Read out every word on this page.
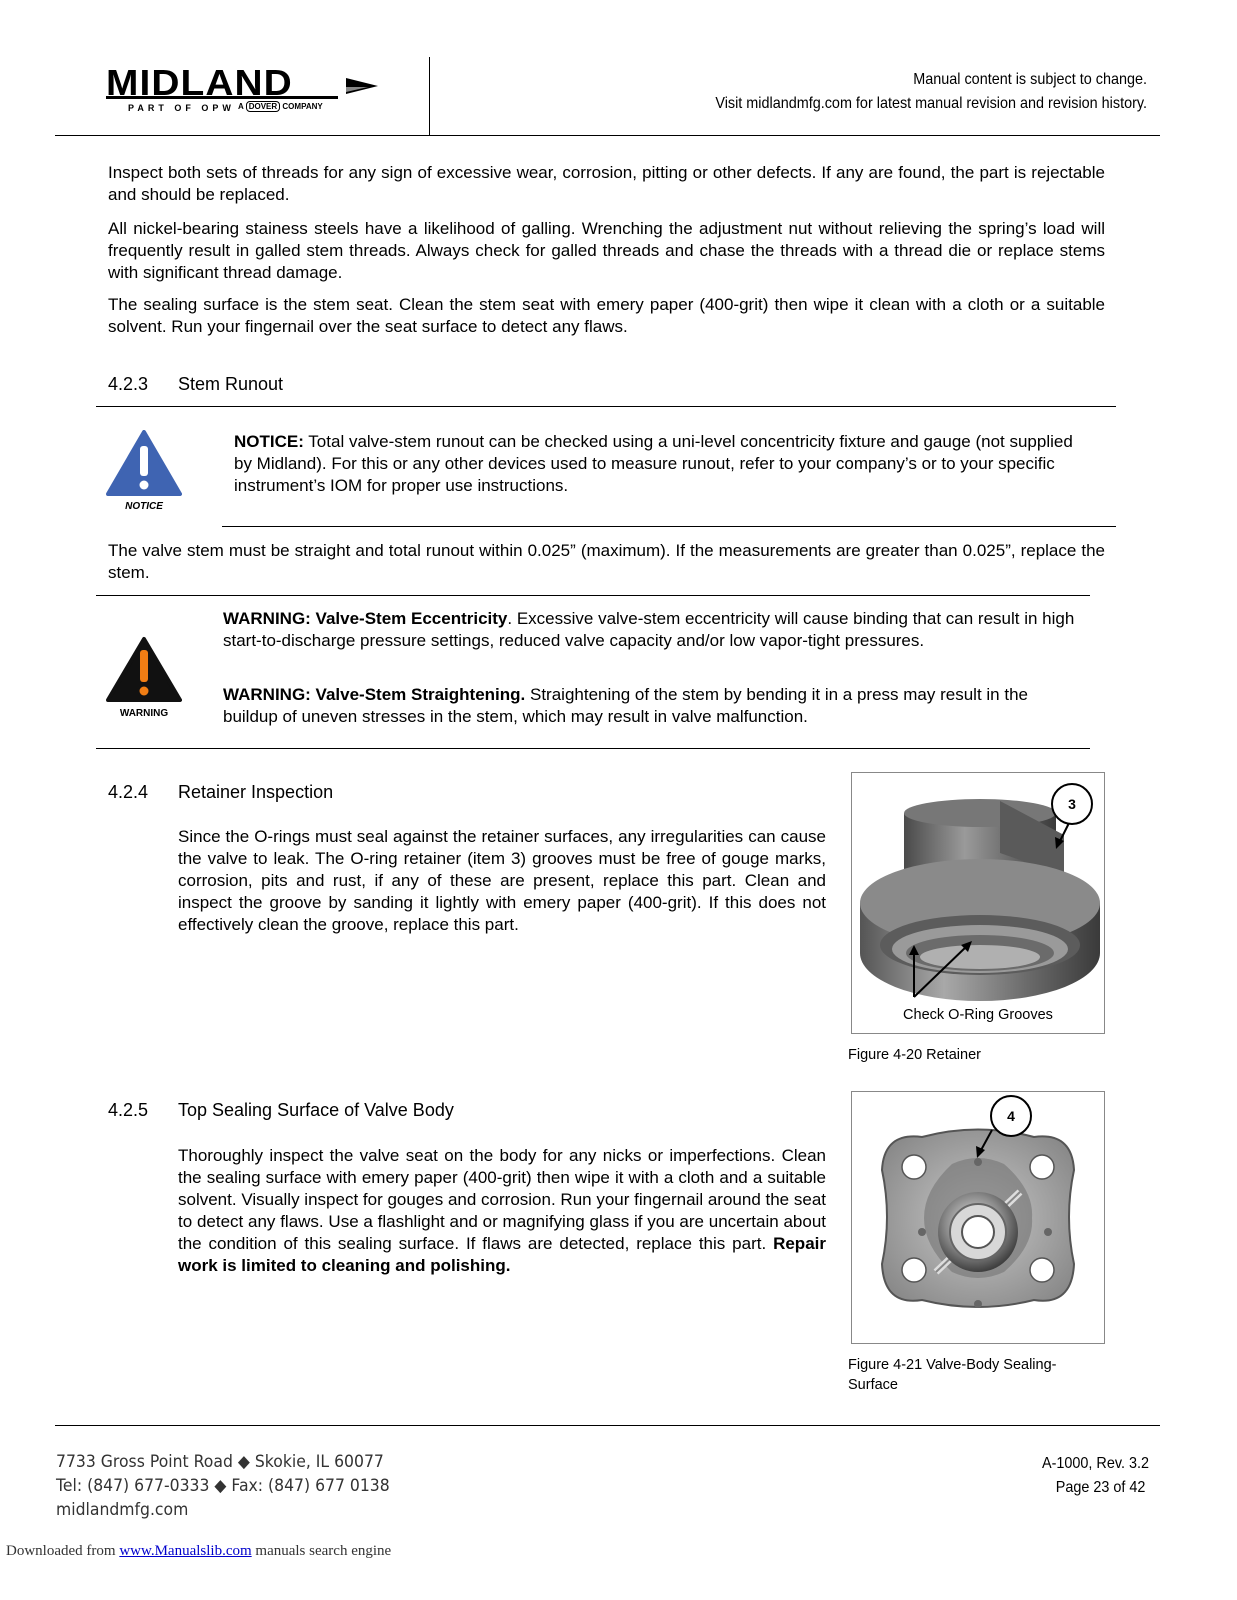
MIDLAND
PART OF OPW A DOVER COMPANY
Manual content is subject to change.
Visit midlandmfg.com for latest manual revision and revision history.
Inspect both sets of threads for any sign of excessive wear, corrosion, pitting or other defects. If any are found, the part is rejectable and should be replaced.
All nickel-bearing stainess steels have a likelihood of galling. Wrenching the adjustment nut without relieving the spring’s load will frequently result in galled stem threads. Always check for galled threads and chase the threads with a thread die or replace stems with significant thread damage.
The sealing surface is the stem seat. Clean the stem seat with emery paper (400-grit) then wipe it clean with a cloth or a suitable solvent. Run your fingernail over the seat surface to detect any flaws.
4.2.3 Stem Runout
NOTICE
NOTICE: Total valve-stem runout can be checked using a uni-level concentricity fixture and gauge (not supplied by Midland). For this or any other devices used to measure runout, refer to your company’s or to your specific instrument’s IOM for proper use instructions.
The valve stem must be straight and total runout within 0.025” (maximum). If the measurements are greater than 0.025”, replace the stem.
WARNING
WARNING: Valve-Stem Eccentricity. Excessive valve-stem eccentricity will cause binding that can result in high start-to-discharge pressure settings, reduced valve capacity and/or low vapor-tight pressures.
WARNING: Valve-Stem Straightening. Straightening of the stem by bending it in a press may result in the buildup of uneven stresses in the stem, which may result in valve malfunction.
4.2.4 Retainer Inspection
Since the O-rings must seal against the retainer surfaces, any irregularities can cause the valve to leak. The O-ring retainer (item 3) grooves must be free of gouge marks, corrosion, pits and rust, if any of these are present, replace this part. Clean and inspect the groove by sanding it lightly with emery paper (400-grit). If this does not effectively clean the groove, replace this part.
3
Check O-Ring Grooves
Figure 4-20 Retainer
4.2.5 Top Sealing Surface of Valve Body
Thoroughly inspect the valve seat on the body for any nicks or imperfections. Clean the sealing surface with emery paper (400-grit) then wipe it with a cloth and a suitable solvent. Visually inspect for gouges and corrosion. Run your fingernail around the seat to detect any flaws. Use a flashlight and or magnifying glass if you are uncertain about the condition of this sealing surface. If flaws are detected, replace this part. Repair work is limited to cleaning and polishing.
4
Figure 4-21 Valve-Body Sealing-
Surface
7733 Gross Point Road ◆ Skokie, IL 60077
Tel: (847) 677-0333 ◆ Fax: (847) 677 0138
midlandmfg.com
A-1000, Rev. 3.2
Page 23 of 42
Downloaded from www.Manualslib.com manuals search engine
